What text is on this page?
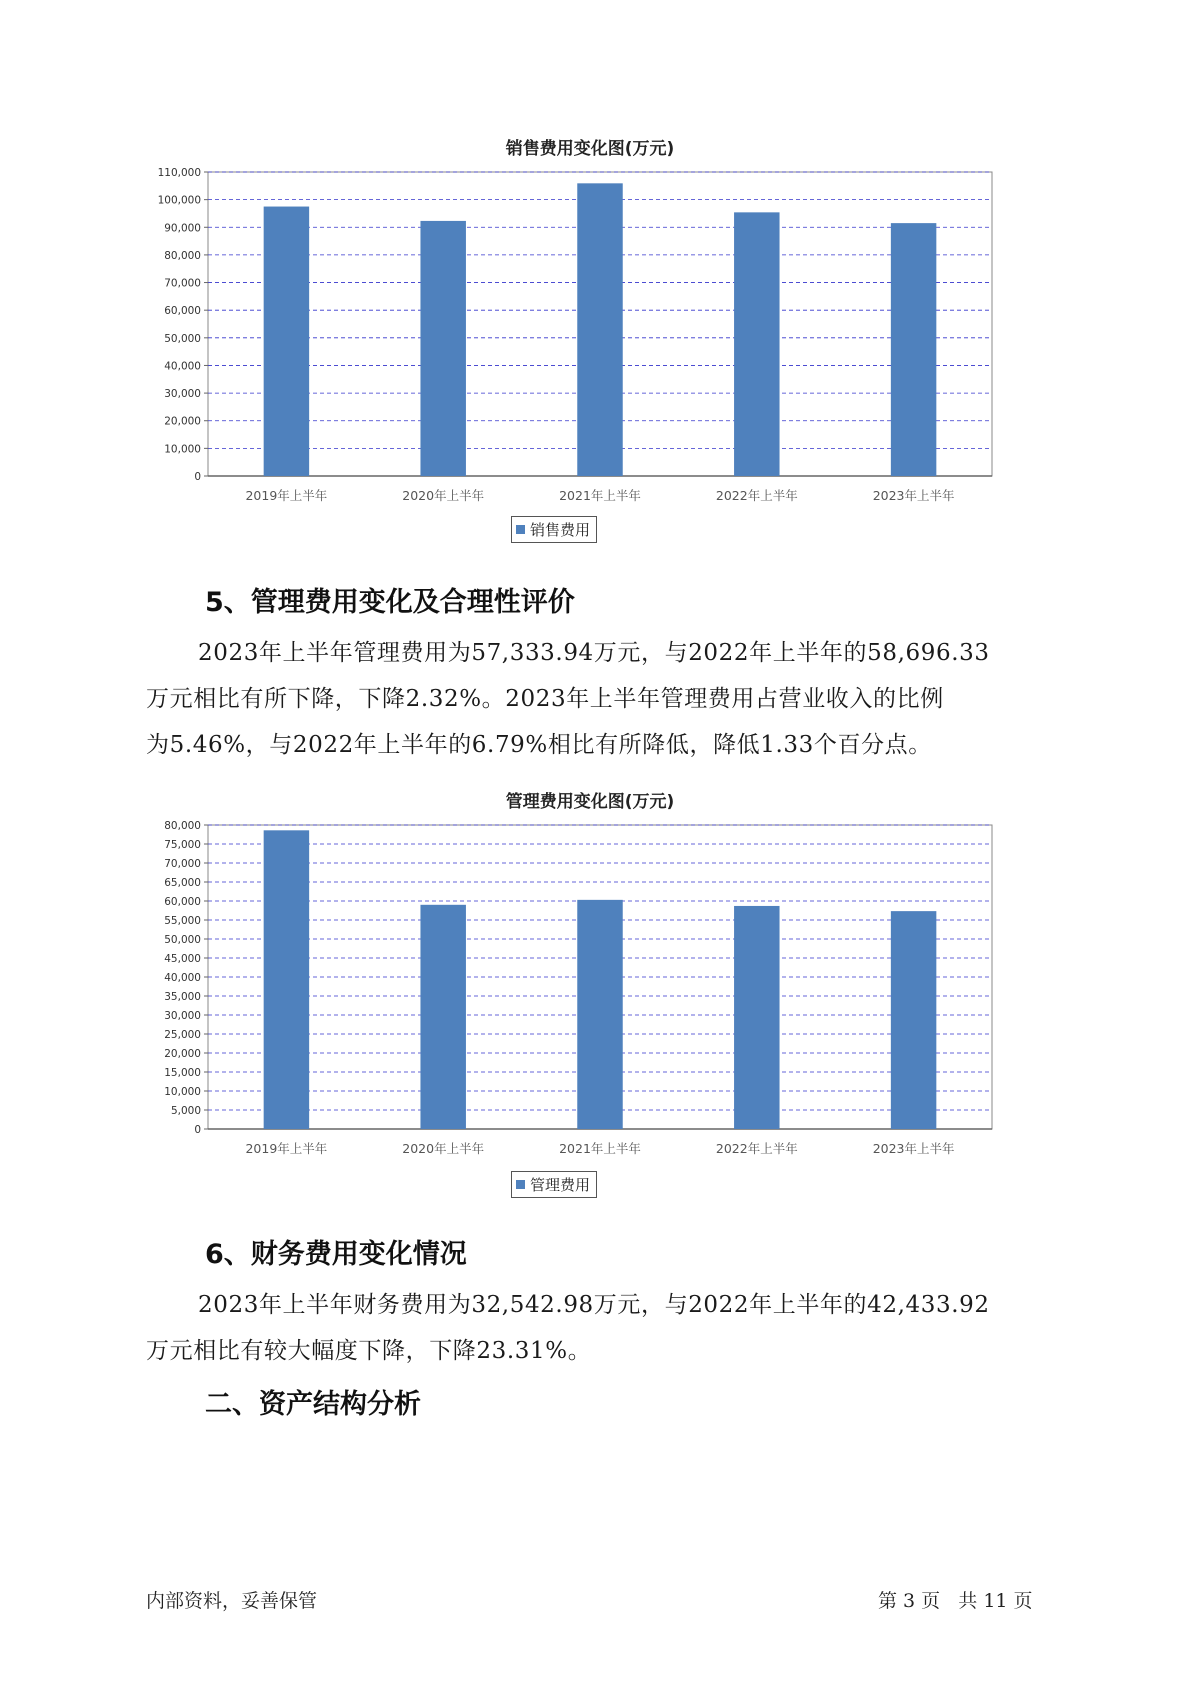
销售费用变化图(万元)
0
10,000
20,000
30,000
40,000
50,000
60,000
70,000
80,000
90,000
100,000
110,000
2019年上半年	2020年上半年	2021年上半年	2022年上半年	2023年上半年
销售费用
5、管理费用变化及合理性评价
2023年上半年管理费用为57,333.94万元，与2022年上半年的58,696.33
万元相比有所下降，下降2.32%。2023年上半年管理费用占营业收入的比例
为5.46%，与2022年上半年的6.79%相比有所降低，降低1.33个百分点。
管理费用变化图(万元)
0
5,000
10,000
15,000
20,000
25,000
30,000
35,000
40,000
45,000
50,000
55,000
60,000
65,000
70,000
75,000
80,000
2019年上半年	2020年上半年	2021年上半年	2022年上半年	2023年上半年
管理费用
6、财务费用变化情况
2023年上半年财务费用为32,542.98万元，与2022年上半年的42,433.92
万元相比有较大幅度下降，下降23.31%。
二、资产结构分析
内部资料，妥善保管	第 3 页   共 11 页
